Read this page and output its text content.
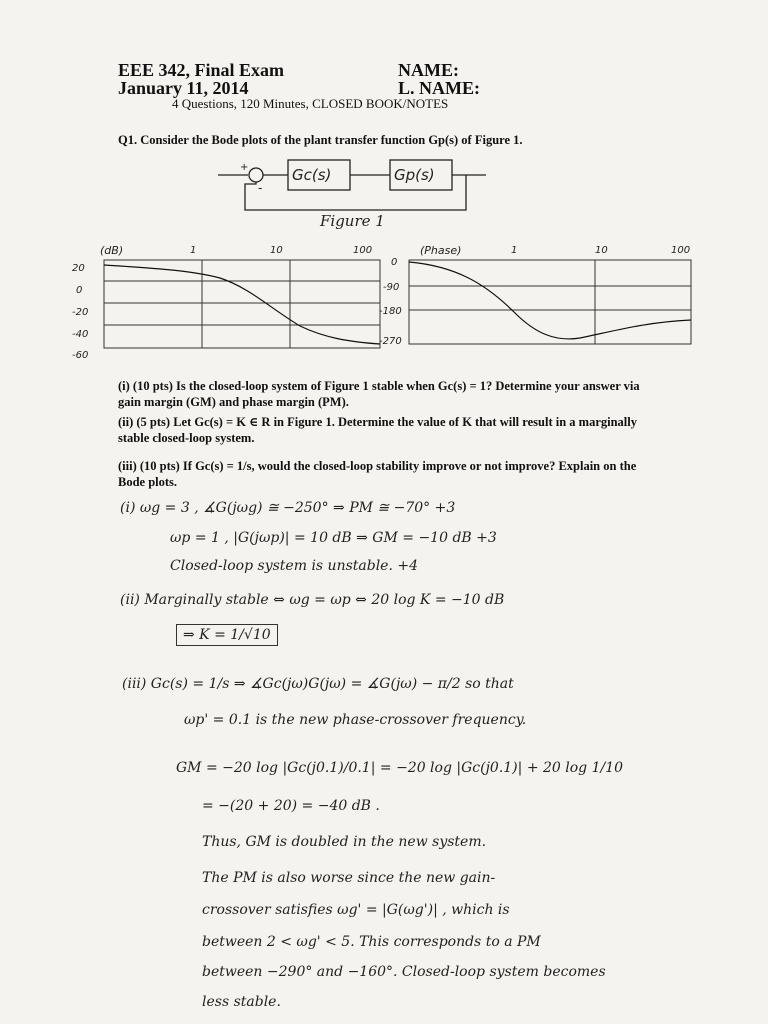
EEE 342, Final Exam
January 11, 2014
NAME:
L. NAME:
4 Questions, 120 Minutes, CLOSED BOOK/NOTES
Q1. Consider the Bode plots of the plant transfer function Gp(s) of Figure 1.
Gc(s)	Gp(s)
+
-
Figure 1
(dB)	1	10	100
20
0
-20
-40
-60
(Phase)	1	10	100
0
-90
-180
-270
(i) (10 pts) Is the closed-loop system of Figure 1 stable when Gc(s) = 1? Determine your answer via gain margin (GM) and phase margin (PM).
(ii) (5 pts) Let Gc(s) = K ∈ R in Figure 1. Determine the value of K that will result in a marginally stable closed-loop system.
(iii) (10 pts) If Gc(s) = 1/s, would the closed-loop stability improve or not improve? Explain on the Bode plots.
(i) ωg = 3 , ∡G(jωg) ≅ −250° ⇒ PM ≅ −70° +3
ωp = 1 , |G(jωp)| = 10 dB ⇒ GM = −10 dB +3
Closed-loop system is unstable. +4
(ii) Marginally stable ⇔ ωg = ωp ⇔ 20 log K = −10 dB
⇒ K = 1/√10
(iii) Gc(s) = 1/s ⇒ ∡Gc(jω)G(jω) = ∡G(jω) − π/2 so that
ωp' = 0.1 is the new phase-crossover frequency.
GM = −20 log |Gc(j0.1)/0.1| = −20 log |Gc(j0.1)| + 20 log 1/10
= −(20 + 20) = −40 dB .
Thus, GM is doubled in the new system.
The PM is also worse since the new gain-
crossover satisfies ωg' = |G(ωg')| , which is
between 2 < ωg' < 5. This corresponds to a PM
between −290° and −160°. Closed-loop system becomes
less stable.
